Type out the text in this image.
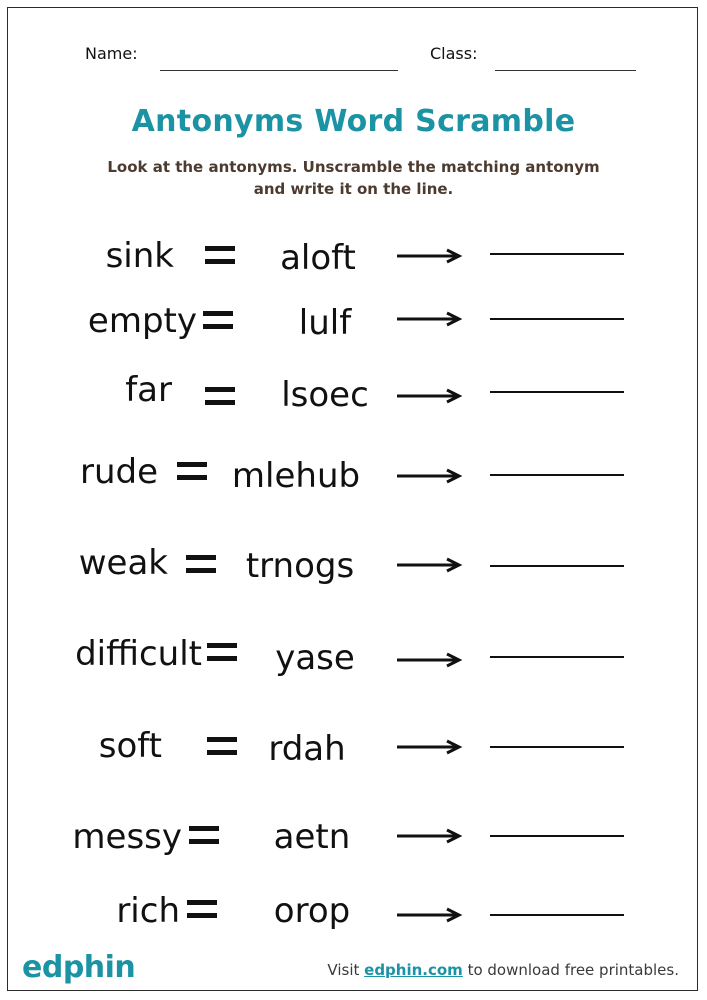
Name:	Class:
Antonyms Word Scramble
Look at the antonyms. Unscramble the matching antonym
and write it on the line.
sink	aloft
empty	lulf
far	lsoec
rude	mlehub
weak	trnogs
difficult	yase
soft	rdah
messy	aetn
rich	orop
edphin	Visit edphin.com to download free printables.
